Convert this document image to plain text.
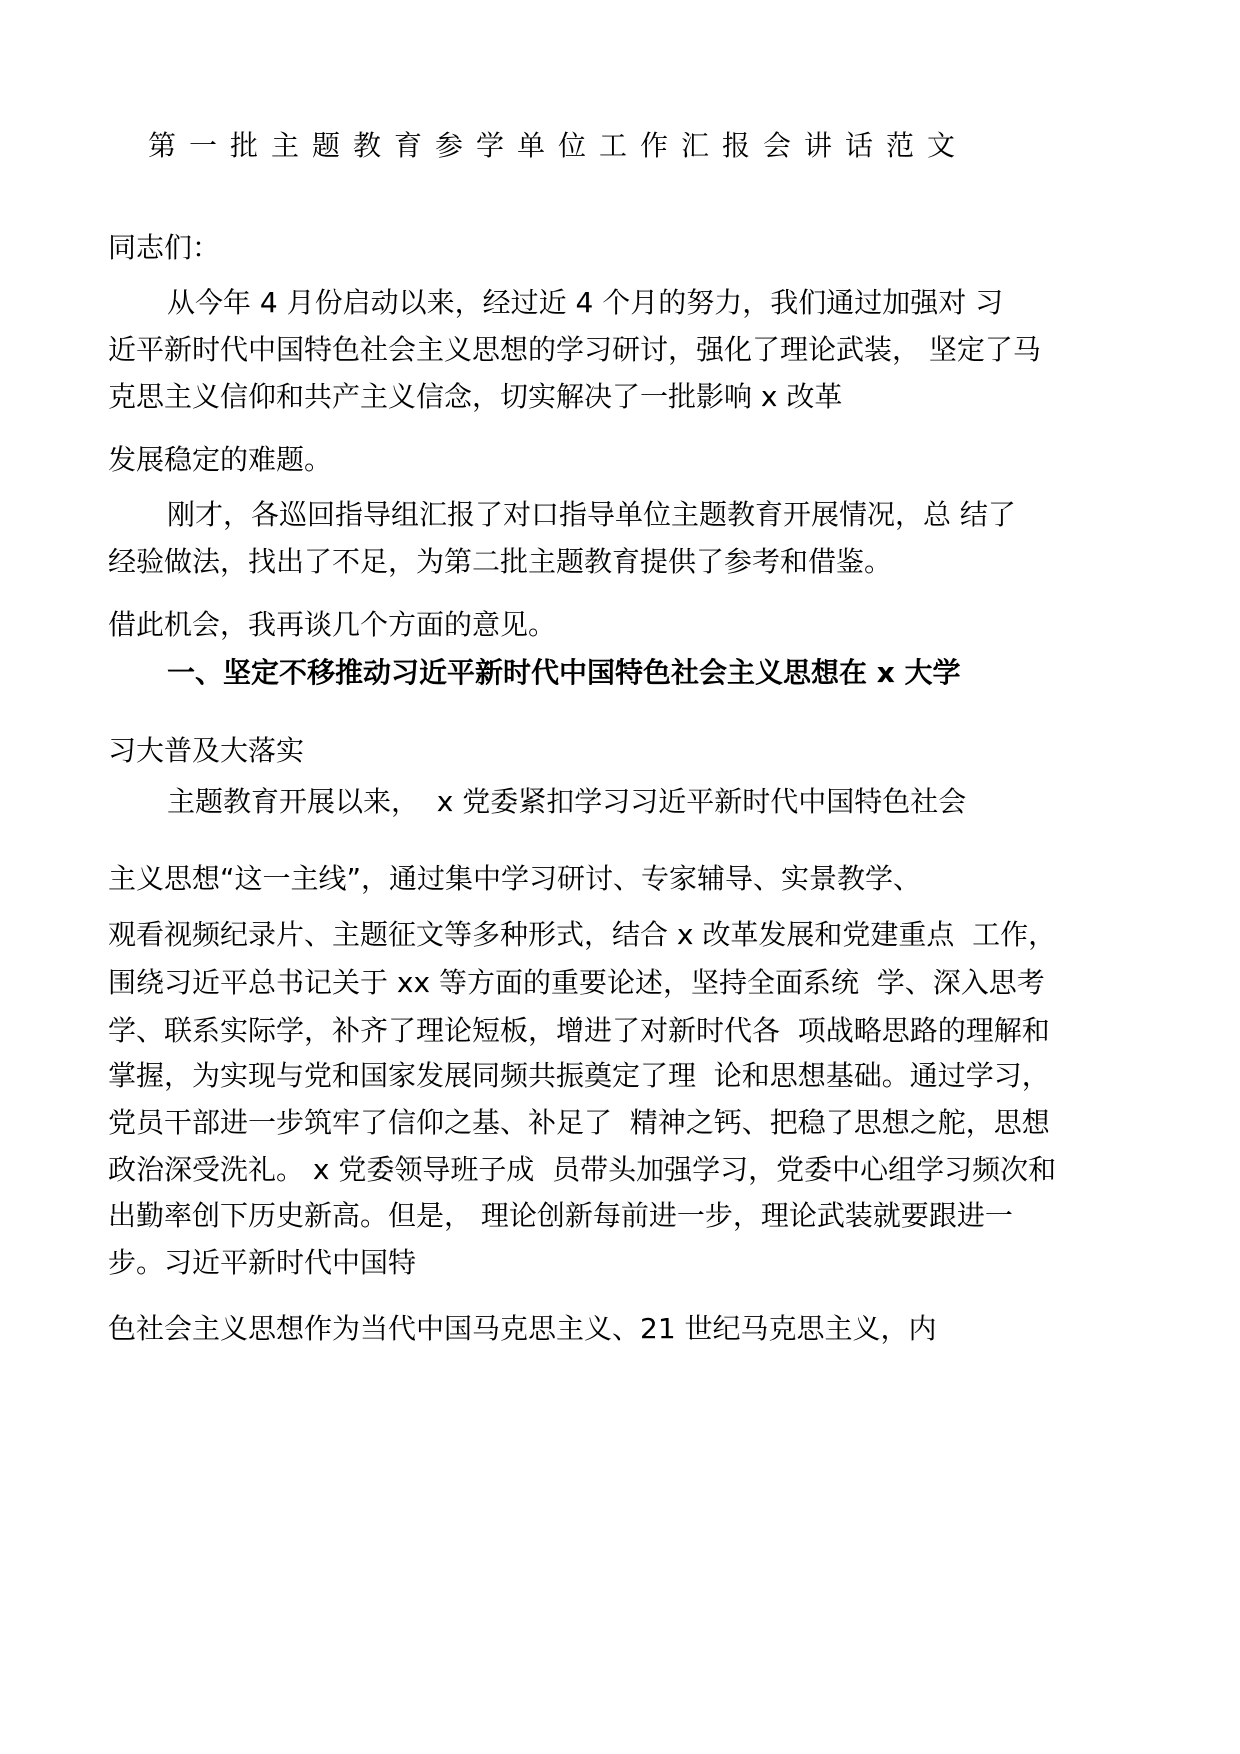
第一批主题教育参学单位工作汇报会讲话范文
同志们：
从今年 4 月份启动以来，经过近 4 个月的努力，我们通过加强对 习
近平新时代中国特色社会主义思想的学习研讨，强化了理论武装， 坚定了马
克思主义信仰和共产主义信念，切实解决了一批影响 x 改革
发展稳定的难题。
刚才，各巡回指导组汇报了对口指导单位主题教育开展情况，总 结了
经验做法，找出了不足，为第二批主题教育提供了参考和借鉴。
借此机会，我再谈几个方面的意见。
一、坚定不移推动习近平新时代中国特色社会主义思想在 x 大学
习大普及大落实
主题教育开展以来，  x 党委紧扣学习习近平新时代中国特色社会
主义思想“这一主线”，通过集中学习研讨、专家辅导、实景教学、
观看视频纪录片、主题征文等多种形式，结合 x 改革发展和党建重点  工作，
围绕习近平总书记关于 xx 等方面的重要论述，坚持全面系统  学、深入思考
学、联系实际学，补齐了理论短板，增进了对新时代各  项战略思路的理解和
掌握，为实现与党和国家发展同频共振奠定了理  论和思想基础。通过学习，
党员干部进一步筑牢了信仰之基、补足了  精神之钙、把稳了思想之舵，思想
政治深受洗礼。 x 党委领导班子成  员带头加强学习，党委中心组学习频次和
出勤率创下历史新高。但是， 理论创新每前进一步，理论武装就要跟进一
步。习近平新时代中国特
色社会主义思想作为当代中国马克思主义、21 世纪马克思主义，内
